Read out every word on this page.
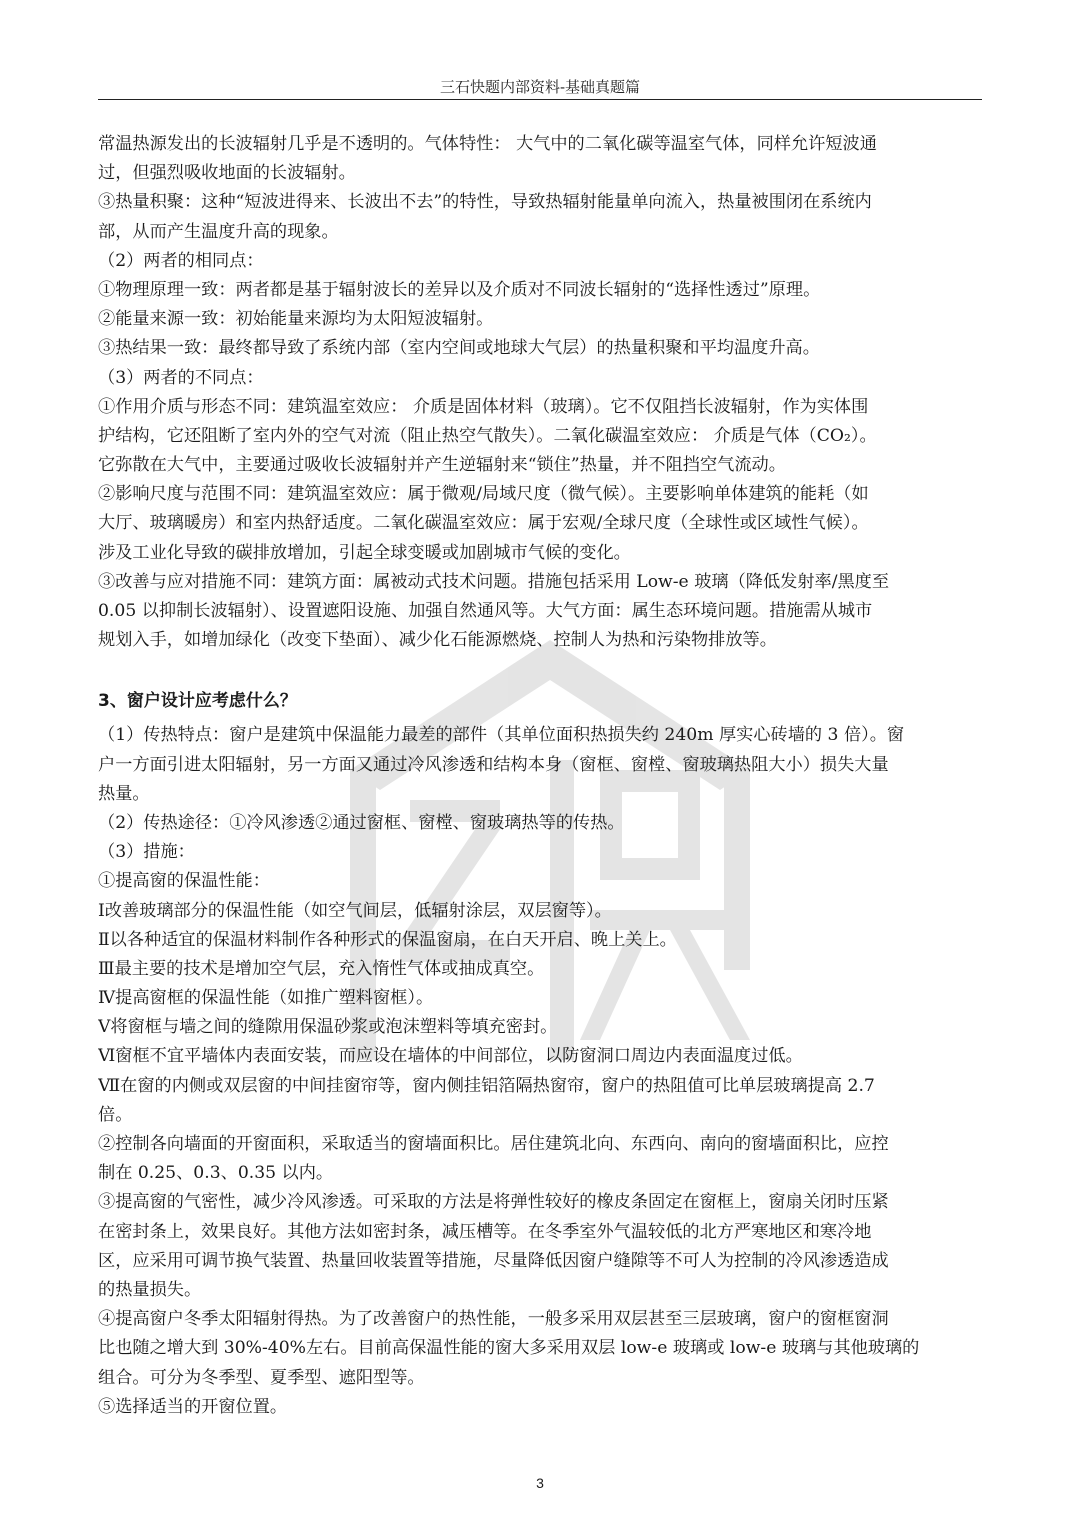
三石快题内部资料-基础真题篇
常温热源发出的长波辐射几乎是不透明的。气体特性： 大气中的二氧化碳等温室气体，同样允许短波通
过，但强烈吸收地面的长波辐射。
③热量积聚：这种“短波进得来、长波出不去”的特性，导致热辐射能量单向流入，热量被围闭在系统内
部，从而产生温度升高的现象。
（2）两者的相同点：
①物理原理一致：两者都是基于辐射波长的差异以及介质对不同波长辐射的“选择性透过”原理。
②能量来源一致：初始能量来源均为太阳短波辐射。
③热结果一致：最终都导致了系统内部（室内空间或地球大气层）的热量积聚和平均温度升高。
（3）两者的不同点：
①作用介质与形态不同：建筑温室效应： 介质是固体材料（玻璃）。它不仅阻挡长波辐射，作为实体围
护结构，它还阻断了室内外的空气对流（阻止热空气散失）。二氧化碳温室效应： 介质是气体（CO₂）。
它弥散在大气中，主要通过吸收长波辐射并产生逆辐射来“锁住”热量，并不阻挡空气流动。
②影响尺度与范围不同：建筑温室效应：属于微观/局域尺度（微气候）。主要影响单体建筑的能耗（如
大厅、玻璃暖房）和室内热舒适度。二氧化碳温室效应：属于宏观/全球尺度（全球性或区域性气候）。
涉及工业化导致的碳排放增加，引起全球变暖或加剧城市气候的变化。
③改善与应对措施不同：建筑方面：属被动式技术问题。措施包括采用 Low-e 玻璃（降低发射率/黑度至
0.05 以抑制长波辐射）、设置遮阳设施、加强自然通风等。大气方面：属生态环境问题。措施需从城市
规划入手，如增加绿化（改变下垫面）、减少化石能源燃烧、控制人为热和污染物排放等。
3、窗户设计应考虑什么？
（1）传热特点：窗户是建筑中保温能力最差的部件（其单位面积热损失约 240m 厚实心砖墙的 3 倍）。窗
户一方面引进太阳辐射，另一方面又通过冷风渗透和结构本身（窗框、窗樘、窗玻璃热阻大小）损失大量
热量。
（2）传热途径：①冷风渗透②通过窗框、窗樘、窗玻璃热等的传热。
（3）措施：
①提高窗的保温性能：
Ⅰ改善玻璃部分的保温性能（如空气间层，低辐射涂层，双层窗等）。
Ⅱ以各种适宜的保温材料制作各种形式的保温窗扇，在白天开启、晚上关上。
Ⅲ最主要的技术是增加空气层，充入惰性气体或抽成真空。
Ⅳ提高窗框的保温性能（如推广塑料窗框）。
Ⅴ将窗框与墙之间的缝隙用保温砂浆或泡沫塑料等填充密封。
Ⅵ窗框不宜平墙体内表面安装，而应设在墙体的中间部位，以防窗洞口周边内表面温度过低。
Ⅶ在窗的内侧或双层窗的中间挂窗帘等，窗内侧挂铝箔隔热窗帘，窗户的热阻值可比单层玻璃提高 2.7
倍。
②控制各向墙面的开窗面积，采取适当的窗墙面积比。居住建筑北向、东西向、南向的窗墙面积比，应控
制在 0.25、0.3、0.35 以内。
③提高窗的气密性，减少冷风渗透。可采取的方法是将弹性较好的橡皮条固定在窗框上，窗扇关闭时压紧
在密封条上，效果良好。其他方法如密封条，减压槽等。在冬季室外气温较低的北方严寒地区和寒冷地
区，应采用可调节换气装置、热量回收装置等措施，尽量降低因窗户缝隙等不可人为控制的冷风渗透造成
的热量损失。
④提高窗户冬季太阳辐射得热。为了改善窗户的热性能，一般多采用双层甚至三层玻璃，窗户的窗框窗洞
比也随之增大到 30%-40%左右。目前高保温性能的窗大多采用双层 low-e 玻璃或 low-e 玻璃与其他玻璃的
组合。可分为冬季型、夏季型、遮阳型等。
⑤选择适当的开窗位置。
3
